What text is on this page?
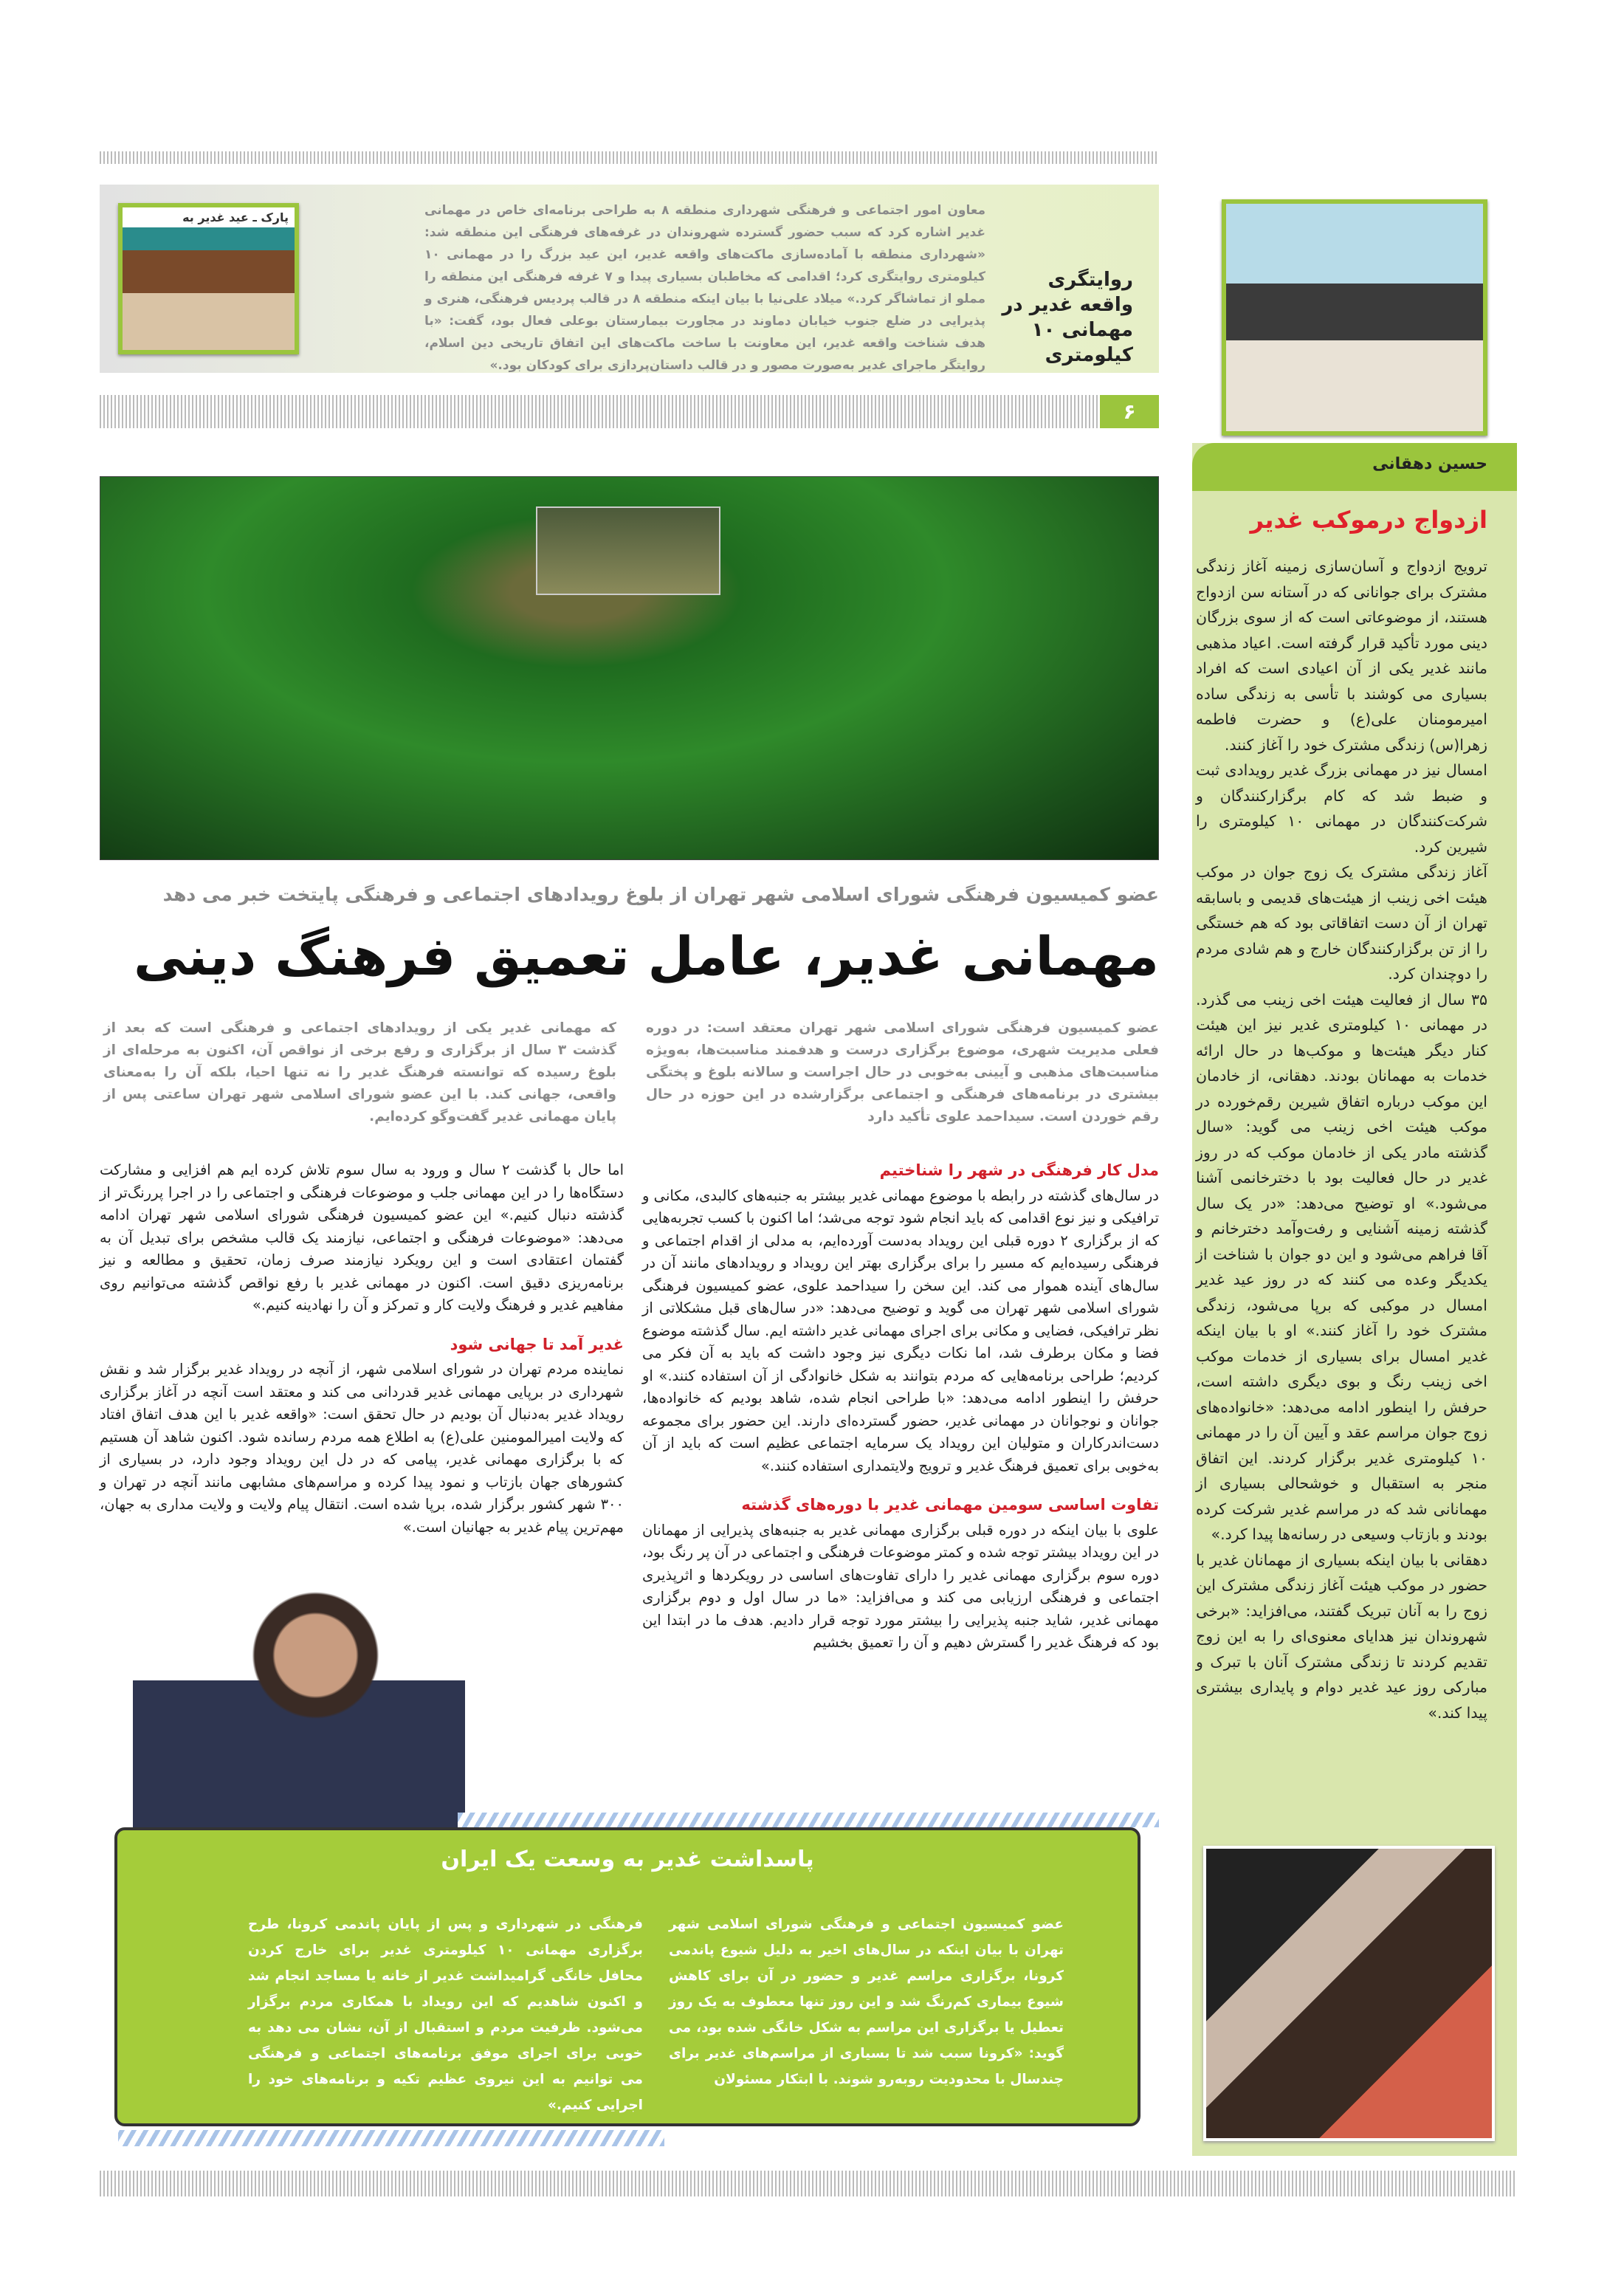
پارک ـ عید غدیر به	معاون امور اجتماعی و فرهنگی شهرداری منطقه ۸ به طراحی برنامه‌ای خاص در مهمانی غدیر اشاره کرد که سبب حضور گسترده شهروندان در غرفه‌های فرهنگی این منطقه شد: «شهرداری منطقه با آماده‌سازی ماکت‌های واقعه غدیر، این عید بزرگ را در مهمانی ۱۰ کیلومتری روایتگری کرد؛ اقدامی که مخاطبان بسیاری پیدا و ۷ غرفه فرهنگی این منطقه را مملو از تماشاگر کرد.» میلاد علی‌نیا با بیان اینکه منطقه ۸ در قالب پردیس فرهنگی، هنری و پذیرایی در ضلع جنوب خیابان دماوند در مجاورت بیمارستان بوعلی فعال بود، گفت: «با هدف شناخت واقعه غدیر، این معاونت با ساخت ماکت‌های این اتفاق تاریخی دین اسلام، روایتگر ماجرای غدیر به‌صورت مصور و در قالب داستان‌پردازی برای کودکان بود.»
روایتگری واقعه غدیر در مهمانی ۱۰ کیلومتری
۶
حسین دهقانی
ازدواج درموکب غدیر

ترویج ازدواج و آسان‌سازی زمینه آغاز زندگی مشترک برای جوانانی که در آستانه سن ازدواج هستند، از موضوعاتی است که از سوی بزرگان دینی مورد تأکید قرار گرفته است. اعیاد مذهبی مانند غدیر یکی از آن اعیادی است که افراد بسیاری می کوشند با تأسی به زندگی ساده امیرمومنان علی(ع) و حضرت فاطمه زهرا(س) زندگی مشترک خود را آغاز کنند.

امسال نیز در مهمانی بزرگ غدیر رویدادی ثبت و ضبط شد که کام برگزارکنندگان و شرکت‌کنندگان در مهمانی ۱۰ کیلومتری را شیرین کرد.

آغاز زندگی مشترک یک زوج جوان در موکب هیئت اخی زینب از هیئت‌های قدیمی و باسابقه تهران از آن دست اتفاقاتی بود که هم خستگی را از تن برگزارکنندگان خارج و هم شادی مردم را دوچندان کرد.

۳۵ سال از فعالیت هیئت اخی زینب می گذرد. در مهمانی ۱۰ کیلومتری غدیر نیز این هیئت کنار دیگر هیئت‌ها و موکب‌ها در حال ارائه خدمات به مهمانان بودند. دهقانی، از خادمان این موکب درباره اتفاق شیرین رقم‌خورده در موکب هیئت اخی زینب می گوید: «سال گذشته مادر یکی از خادمان موکب که در روز غدیر در حال فعالیت بود با دخترخانمی آشنا می‌شود.» او توضیح می‌دهد: «در یک سال گذشته زمینه آشنایی و رفت‌وآمد دخترخانم و آقا فراهم می‌شود و این دو جوان با شناخت از یکدیگر وعده می کنند که در روز عید غدیر امسال در موکبی که برپا می‌شود، زندگی مشترک خود را آغاز کنند.» او با بیان اینکه غدیر امسال برای بسیاری از خدمات موکب اخی زینب رنگ و بوی دیگری داشته است، حرفش را اینطور ادامه می‌دهد: «خانواده‌های زوج جوان مراسم عقد و آیین آن را در مهمانی ۱۰ کیلومتری غدیر برگزار کردند. این اتفاق منجر به استقبال و خوشحالی بسیاری از مهمانانی شد که در مراسم غدیر شرکت کرده بودند و بازتاب وسیعی در رسانه‌ها پیدا کرد.»

دهقانی با بیان اینکه بسیاری از مهمانان غدیر با حضور در موکب هیئت آغاز زندگی مشترک این زوج را به آنان تبریک گفتند، می‌افزاید: «برخی شهروندان نیز هدایای معنوی‌ای را به این زوج تقدیم کردند تا زندگی مشترک آنان با تبرک و مبارکی روز عید غدیر دوام و پایداری بیشتری پیدا کند.»

عضو کمیسیون فرهنگی شورای اسلامی شهر تهران از بلوغ رویدادهای اجتماعی و فرهنگی پایتخت خبر می دهد
مهمانی غدیر، عامل تعمیق فرهنگ دینی
عضو کمیسیون فرهنگی شورای اسلامی شهر تهران معتقد است: در دوره فعلی مدیریت شهری، موضوع برگزاری درست و هدفمند مناسبت‌ها، به‌ویژه مناسبت‌های مذهبی و آیینی به‌خوبی در حال اجراست و سالانه بلوغ و پختگی بیشتری در برنامه‌های فرهنگی و اجتماعی برگزارشده در این حوزه در حال رقم خوردن است. سیداحمد علوی تأکید دارد
که مهمانی غدیر یکی از رویدادهای اجتماعی و فرهنگی است که بعد از گذشت ۳ سال از برگزاری و رفع برخی از نواقص آن، اکنون به مرحله‌ای از بلوغ رسیده که توانسته فرهنگ غدیر را نه تنها احیا، بلکه آن را به‌معنای واقعی، جهانی کند. با این عضو شورای اسلامی شهر تهران ساعتی پس از پایان مهمانی غدیر گفت‌وگو کرده‌ایم.
مدل کار فرهنگی در شهر را شناختیم

در سال‌های گذشته در رابطه با موضوع مهمانی غدیر بیشتر به جنبه‌های کالبدی، مکانی و ترافیکی و نیز نوع اقدامی که باید انجام شود توجه می‌شد؛ اما اکنون با کسب تجربه‌هایی که از برگزاری ۲ دوره قبلی این رویداد به‌دست آورده‌ایم، به مدلی از اقدام اجتماعی و فرهنگی رسیده‌ایم که مسیر را برای برگزاری بهتر این رویداد و رویدادهای مانند آن در سال‌های آینده هموار می کند. این سخن را سیداحمد علوی، عضو کمیسیون فرهنگی شورای اسلامی شهر تهران می گوید و توضیح می‌دهد: «در سال‌های قبل مشکلاتی از نظر ترافیکی، فضایی و مکانی برای اجرای مهمانی غدیر داشته ایم. سال گذشته موضوع فضا و مکان برطرف شد، اما نکات دیگری نیز وجود داشت که باید به آن فکر می کردیم؛ طراحی برنامه‌هایی که مردم بتوانند به شکل خانوادگی از آن استفاده کنند.» او حرفش را اینطور ادامه می‌دهد: «با طراحی انجام شده، شاهد بودیم که خانواده‌ها، جوانان و نوجوانان در مهمانی غدیر، حضور گسترده‌ای دارند. این حضور برای مجموعه دست‌اندرکاران و متولیان این رویداد یک سرمایه اجتماعی عظیم است که باید از آن به‌خوبی برای تعمیق فرهنگ غدیر و ترویج ولایتمداری استفاده کنند.»

تفاوت اساسی سومین مهمانی غدیر با دوره‌های گذشته

علوی با بیان اینکه در دوره قبلی برگزاری مهمانی غدیر به جنبه‌های پذیرایی از مهمانان در این رویداد بیشتر توجه شده و کمتر موضوعات فرهنگی و اجتماعی در آن پر رنگ بود، دوره سوم برگزاری مهمانی غدیر را دارای تفاوت‌های اساسی در رویکردها و اثرپذیری اجتماعی و فرهنگی ارزیابی می کند و می‌افزاید: «ما در سال اول و دوم برگزاری مهمانی غدیر، شاید جنبه پذیرایی را بیشتر مورد توجه قرار دادیم. هدف ما در ابتدا این بود که فرهنگ غدیر را گسترش دهیم و آن را تعمیق بخشیم

اما حال با گذشت ۲ سال و ورود به سال سوم تلاش کرده ایم هم افزایی و مشارکت دستگاه‌ها را در این مهمانی جلب و موضوعات فرهنگی و اجتماعی را در اجرا پررنگ‌تر از گذشته دنبال کنیم.» این عضو کمیسیون فرهنگی شورای اسلامی شهر تهران ادامه می‌دهد: «موضوعات فرهنگی و اجتماعی، نیازمند یک قالب مشخص برای تبدیل آن به گفتمان اعتقادی است و این رویکرد نیازمند صرف زمان، تحقیق و مطالعه و نیز برنامه‌ریزی دقیق است. اکنون در مهمانی غدیر با رفع نواقص گذشته می‌توانیم روی مفاهیم غدیر و فرهنگ ولایت کار و تمرکز و آن را نهادینه کنیم.»

غدیر آمد تا جهانی شود

نماینده مردم تهران در شورای اسلامی شهر، از آنچه در رویداد غدیر برگزار شد و نقش شهرداری در برپایی مهمانی غدیر قدردانی می کند و معتقد است آنچه در آغاز برگزاری رویداد غدیر به‌دنبال آن بودیم در حال تحقق است: «واقعه غدیر با این هدف اتفاق افتاد که ولایت امیرالمومنین علی(ع) به اطلاع همه مردم رسانده شود. اکنون شاهد آن هستیم که با برگزاری مهمانی غدیر، پیامی که در دل این رویداد وجود دارد، در بسیاری از کشورهای جهان بازتاب و نمود پیدا کرده و مراسم‌های مشابهی مانند آنچه در تهران و ۳۰۰ شهر کشور برگزار شده، برپا شده است. انتقال پیام ولایت و ولایت مداری به جهان، مهم‌ترین پیام غدیر به جهانیان است.»

پاسداشت غدیر به وسعت یک ایران
عضو کمیسیون اجتماعی و فرهنگی شورای اسلامی شهر تهران با بیان اینکه در سال‌های اخیر به دلیل شیوع پاندمی کرونا، برگزاری مراسم غدیر و حضور در آن برای کاهش شیوع بیماری کم‌رنگ شد و این روز تنها معطوف به یک روز تعطیل یا برگزاری این مراسم به شکل خانگی شده بود، می گوید: «کرونا سبب شد تا بسیاری از مراسم‌های غدیر برای چندسال با محدودیت روبه‌رو شوند. با ابتکار مسئولان
فرهنگی در شهرداری و پس از پایان پاندمی کرونا، طرح برگزاری مهمانی ۱۰ کیلومتری غدیر برای خارج کردن محافل خانگی گرامیداشت غدیر از خانه یا مساجد انجام شد و اکنون شاهدیم که این رویداد با همکاری مردم برگزار می‌شود. ظرفیت مردم و استقبال از آن، نشان می دهد به خوبی برای اجرای موفق برنامه‌های اجتماعی و فرهنگی می توانیم به این نیروی عظیم تکیه و برنامه‌های خود را اجرایی کنیم.»
